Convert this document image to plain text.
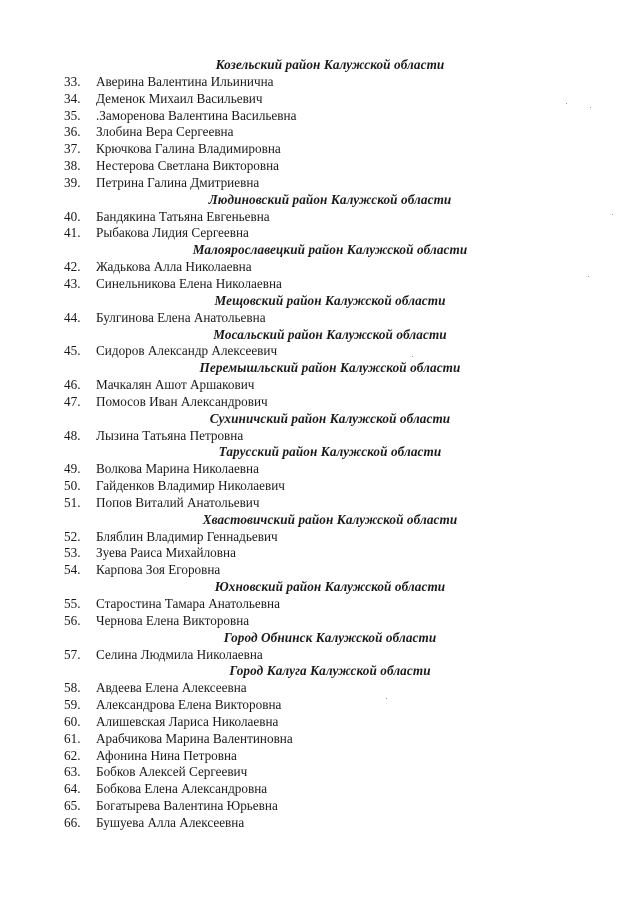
Козельский район Калужской области
33.	Аверина Валентина Ильинична
34.	Деменок Михаил Васильевич
35.	.Заморенова Валентина Васильевна
36.	Злобина Вера Сергеевна
37.	Крючкова Галина Владимировна
38.	Нестерова Светлана Викторовна
39.	Петрина Галина Дмитриевна
Людиновский район Калужской области
40.	Бандякина Татьяна Евгеньевна
41.	Рыбакова Лидия Сергеевна
Малоярославецкий район Калужской области
42.	Жадькова Алла Николаевна
43.	Синельникова Елена Николаевна
Мещовский район Калужской области
44.	Булгинова Елена Анатольевна
Мосальский район Калужской области
45.	Сидоров Александр Алексеевич
Перемышльский район Калужской области
46.	Мачкалян Ашот Аршакович
47.	Помосов Иван Александрович
Сухиничский район Калужской области
48.	Лызина Татьяна Петровна
Тарусский район Калужской области
49.	Волкова Марина Николаевна
50.	Гайденков Владимир Николаевич
51.	Попов Виталий Анатольевич
Хвастовичский район Калужской области
52.	Бляблин Владимир Геннадьевич
53.	Зуева Раиса Михайловна
54.	Карпова Зоя Егоровна
Юхновский район Калужской области
55.	Старостина Тамара Анатольевна
56.	Чернова Елена Викторовна
Город Обнинск Калужской области
57.	Селина Людмила Николаевна
Город Калуга Калужской области
58.	Авдеева Елена Алексеевна
59.	Александрова Елена Викторовна
60.	Алишевская Лариса Николаевна
61.	Арабчикова Марина Валентиновна
62.	Афонина Нина Петровна
63.	Бобков Алексей Сергеевич
64.	Бобкова Елена Александровна
65.	Богатырева Валентина Юрьевна
66.	Бушуева Алла Алексеевна
